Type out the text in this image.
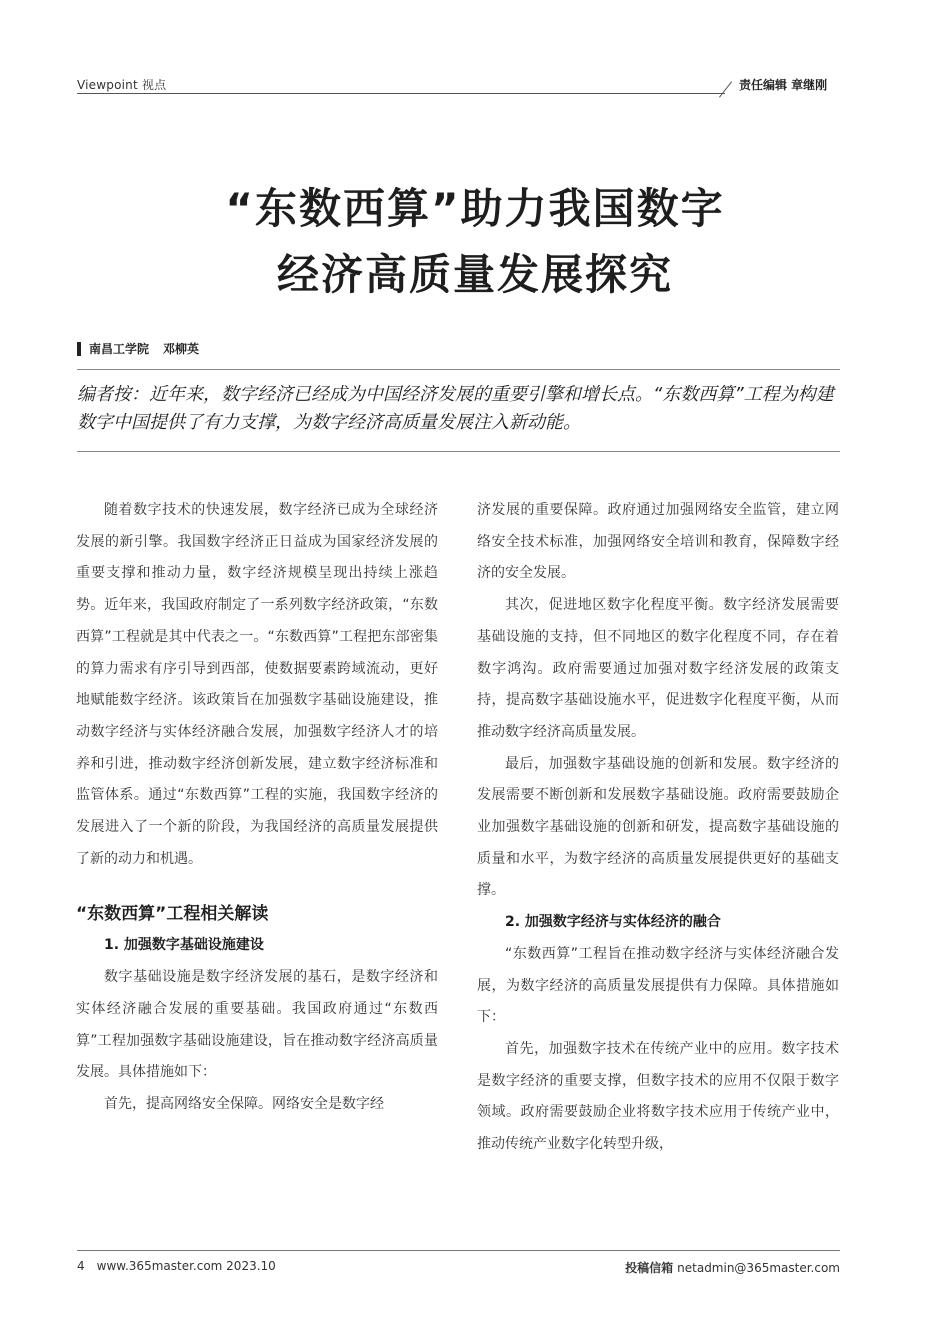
Viewpoint 视点	责任编辑 章继刚
“东数西算”助力我国数字
经济高质量发展探究
南昌工学院 邓柳英

编者按：近年来，数字经济已经成为中国经济发展的重要引擎和增长点。“东数西算”工程为构建数字中国提供了有力支撑，为数字经济高质量发展注入新动能。

随着数字技术的快速发展，数字经济已成为全球经济发展的新引擎。我国数字经济正日益成为国家经济发展的重要支撑和推动力量，数字经济规模呈现出持续上涨趋势。近年来，我国政府制定了一系列数字经济政策，“东数西算”工程就是其中代表之一。“东数西算”工程把东部密集的算力需求有序引导到西部，使数据要素跨域流动，更好地赋能数字经济。该政策旨在加强数字基础设施建设，推动数字经济与实体经济融合发展，加强数字经济人才的培养和引进，推动数字经济创新发展，建立数字经济标准和监管体系。通过“东数西算”工程的实施，我国数字经济的发展进入了一个新的阶段，为我国经济的高质量发展提供了新的动力和机遇。

“东数西算”工程相关解读
1. 加强数字基础设施建设

数字基础设施是数字经济发展的基石，是数字经济和实体经济融合发展的重要基础。我国政府通过“东数西算”工程加强数字基础设施建设，旨在推动数字经济高质量发展。具体措施如下：

首先，提高网络安全保障。网络安全是数字经

济发展的重要保障。政府通过加强网络安全监管，建立网络安全技术标准，加强网络安全培训和教育，保障数字经济的安全发展。

其次，促进地区数字化程度平衡。数字经济发展需要基础设施的支持，但不同地区的数字化程度不同，存在着数字鸿沟。政府需要通过加强对数字经济发展的政策支持，提高数字基础设施水平，促进数字化程度平衡，从而推动数字经济高质量发展。

最后，加强数字基础设施的创新和发展。数字经济的发展需要不断创新和发展数字基础设施。政府需要鼓励企业加强数字基础设施的创新和研发，提高数字基础设施的质量和水平，为数字经济的高质量发展提供更好的基础支撑。

2. 加强数字经济与实体经济的融合

“东数西算”工程旨在推动数字经济与实体经济融合发展，为数字经济的高质量发展提供有力保障。具体措施如下：

首先，加强数字技术在传统产业中的应用。数字技术是数字经济的重要支撑，但数字技术的应用不仅限于数字领域。政府需要鼓励企业将数字技术应用于传统产业中，推动传统产业数字化转型升级，

4 www.365master.com 2023.10	投稿信箱 netadmin@365master.com
